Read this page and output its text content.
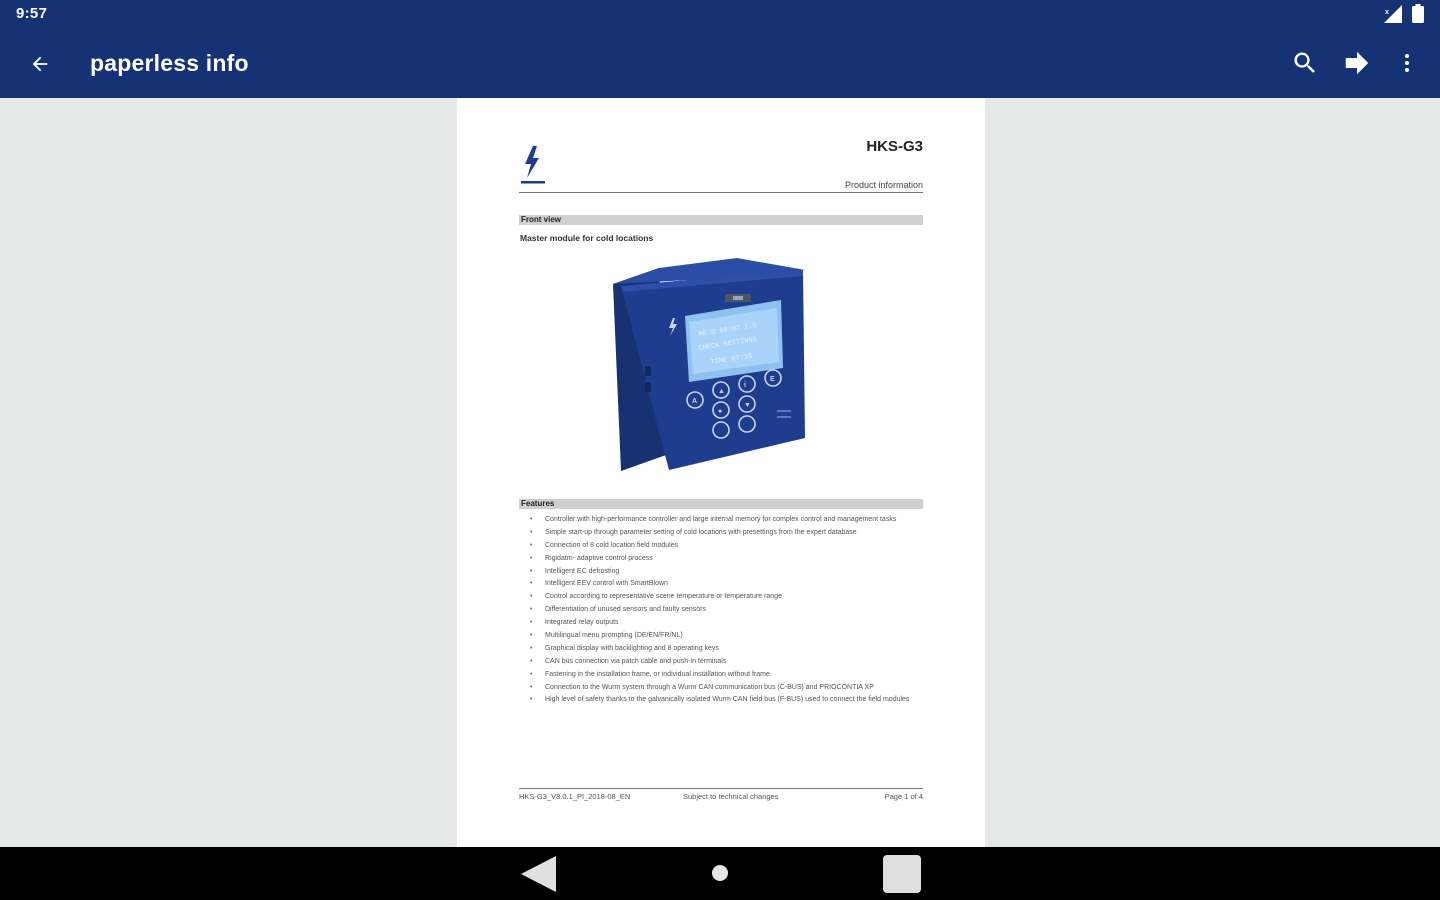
9:57	x
paperless info
HKS-G3
Product information
Front view
Master module for cold locations
ME D 00:07 1.5
CHECK SETTINGS
TIME 07:15
A
▲
i
E
●
▼
Features
• Controller with high-performance controller and large internal memory for complex control and management tasks
• Simple start-up through parameter setting of cold locations with presettings from the expert database
• Connection of 8 cold location field modules
• Rigidatm- adaptive control process
• Intelligent EC defrosting
• Intelligent EEV control with SmartBlown
• Control according to representative scene temperature or temperature range
• Differentiation of unused sensors and faulty sensors
• Integrated relay outputs
• Multilingual menu prompting (DE/EN/FR/NL)
• Graphical display with backlighting and 8 operating keys
• CAN bus connection via patch cable and push-in terminals
• Fastening in the installation frame, or individual installation without frame
• Connection to the Wurm system through a Wurm CAN communication bus (C-BUS) and PRIOCONTIA XP
• High level of safety thanks to the galvanically isolated Wurm CAN field bus (F-BUS) used to connect the field modules
HKS-G3_V8.0.1_PI_2018-08_EN	Subject to technical changes	Page 1 of 4
